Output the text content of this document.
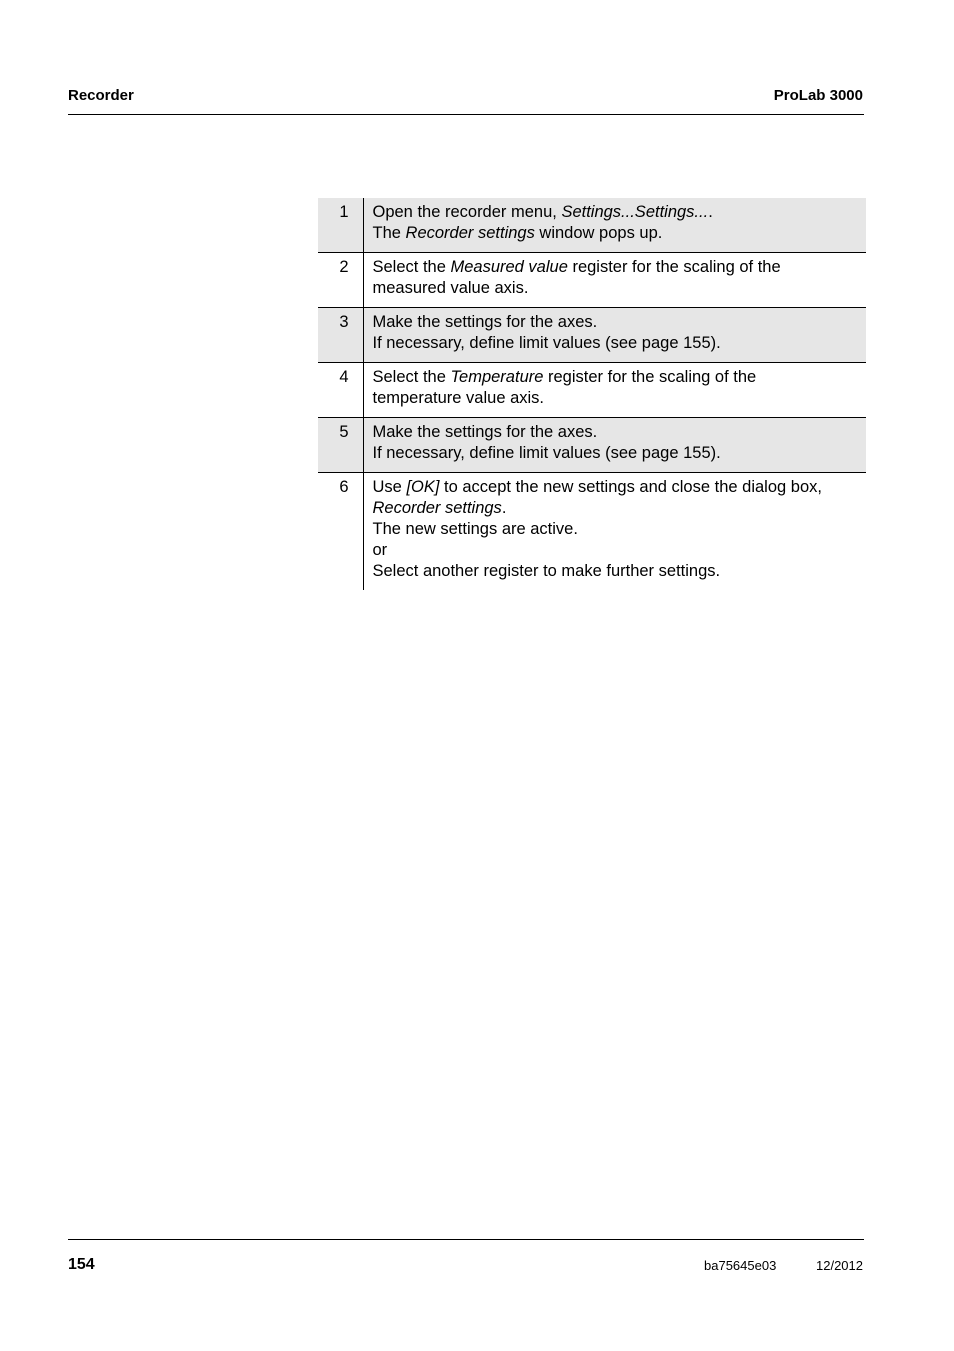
Recorder	ProLab 3000
1	Open the recorder menu, Settings...Settings....
The Recorder settings window pops up.

2	Select the Measured value register for the scaling of the
measured value axis.

3	Make the settings for the axes.
If necessary, define limit values (see page 155).

4	Select the Temperature register for the scaling of the
temperature value axis.

5	Make the settings for the axes.
If necessary, define limit values (see page 155).

6	Use [OK] to accept the new settings and close the dialog box,
Recorder settings.
The new settings are active.
or
Select another register to make further settings.
154	ba75645e03	12/2012
